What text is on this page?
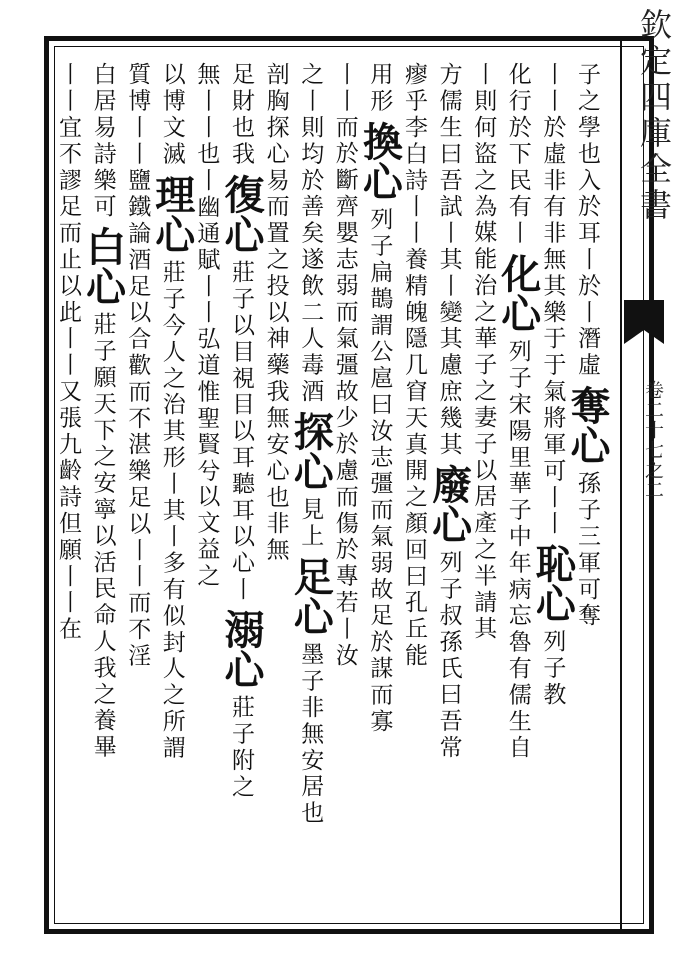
欽定四庫全書
卷二十七之二
子之學也入於耳丨於丨潛虛
奪心
孫子三軍可奪
丨丨於虛非有非無其樂于于
氣將軍可丨丨
恥心
列子教
化行於下民有丨
化心
列子宋陽里華子中年病忘魯有儒生自
丨則何盜之為
媒能治之華子之妻子以居產之半請其
方儒生曰吾試丨其丨變其慮庶幾其
廢心
列子叔孫氏曰吾常
瘳乎李白詩丨丨養精魄隱几窅天真
開之顏回曰孔丘能
用形
換心
列子扁鵲謂公扈曰汝志彊而氣弱故足於謀而寡
丨丨而
於斷齊嬰志弱而氣彊故少於慮而傷於專若丨汝
之丨則均於善矣遂飲二人毒酒
探心
見上
足心
墨子非無安居也
剖胸探心易而置之投以神藥
我無安心也非無
足財也我
復心
莊子以目視目以耳聽耳以心丨
溺心
莊子附之
無丨丨也
丨幽通賦丨丨弘道惟聖賢兮
以文益之
以博文滅
理心
莊子今人之治其形丨其丨多有似封人之所謂
質博丨丨
鹽鐵論酒足以合歡而不湛樂足以丨丨而不淫
白居易詩樂可
白心
莊子願天下之安寧以活民命人我之養畢
丨丨宜不謬
足而止以此丨丨又張九齡詩但願丨丨在
